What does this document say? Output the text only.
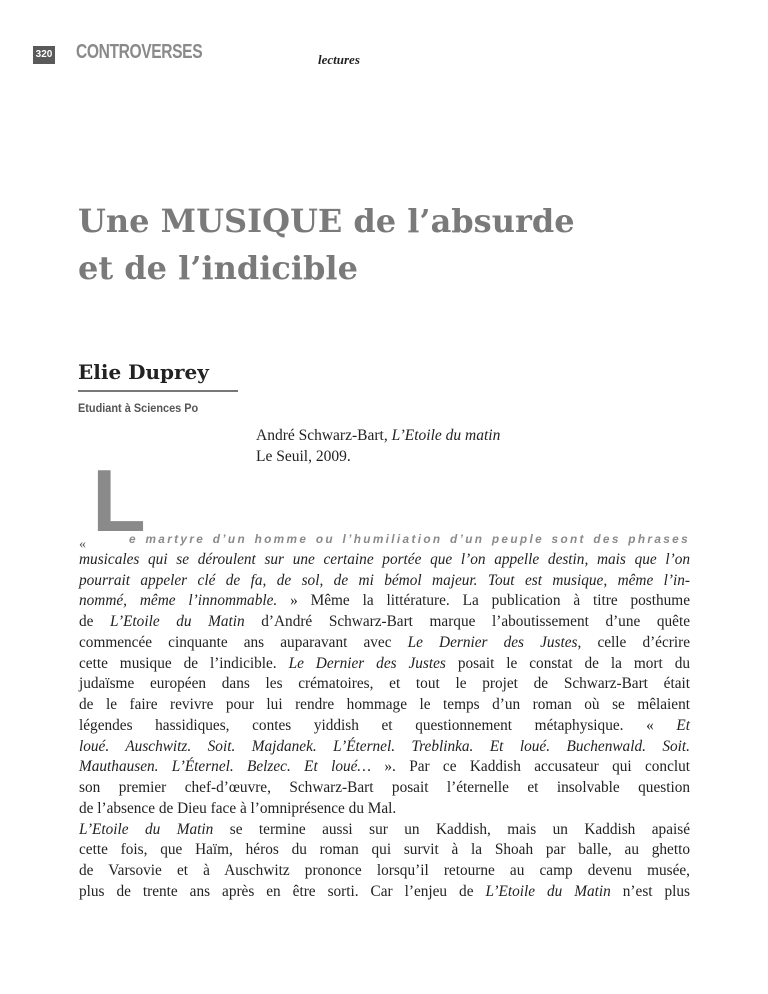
320 CONTROVERSES	lectures
Une MUSIQUE de l’absurde
et de l’indicible
Elie Duprey
Etudiant à Sciences Po
André Schwarz-Bart, L’Etoile du matin
Le Seuil, 2009.
L
«	e martyre d’un homme ou l’humiliation d’un peuple sont des phrases
musicales qui se déroulent sur une certaine portée que l’on appelle destin, mais que l’on
pourrait appeler clé de fa, de sol, de mi bémol majeur. Tout est musique, même l’in-
nommé, même l’innommable. » Même la littérature. La publication à titre posthume
de L’Etoile du Matin d’André Schwarz-Bart marque l’aboutissement d’une quête
commencée cinquante ans auparavant avec Le Dernier des Justes, celle d’écrire
cette musique de l’indicible. Le Dernier des Justes posait le constat de la mort du
judaïsme européen dans les crématoires, et tout le projet de Schwarz-Bart était
de le faire revivre pour lui rendre hommage le temps d’un roman où se mêlaient
légendes hassidiques, contes yiddish et questionnement métaphysique. « Et
loué. Auschwitz. Soit. Majdanek. L’Éternel. Treblinka. Et loué. Buchenwald. Soit.
Mauthausen. L’Éternel. Belzec. Et loué… ». Par ce Kaddish accusateur qui conclut
son premier chef-d’œuvre, Schwarz-Bart posait l’éternelle et insolvable question
de l’absence de Dieu face à l’omniprésence du Mal.
L’Etoile du Matin se termine aussi sur un Kaddish, mais un Kaddish apaisé
cette fois, que Haïm, héros du roman qui survit à la Shoah par balle, au ghetto
de Varsovie et à Auschwitz prononce lorsqu’il retourne au camp devenu musée,
plus de trente ans après en être sorti. Car l’enjeu de L’Etoile du Matin n’est plus
